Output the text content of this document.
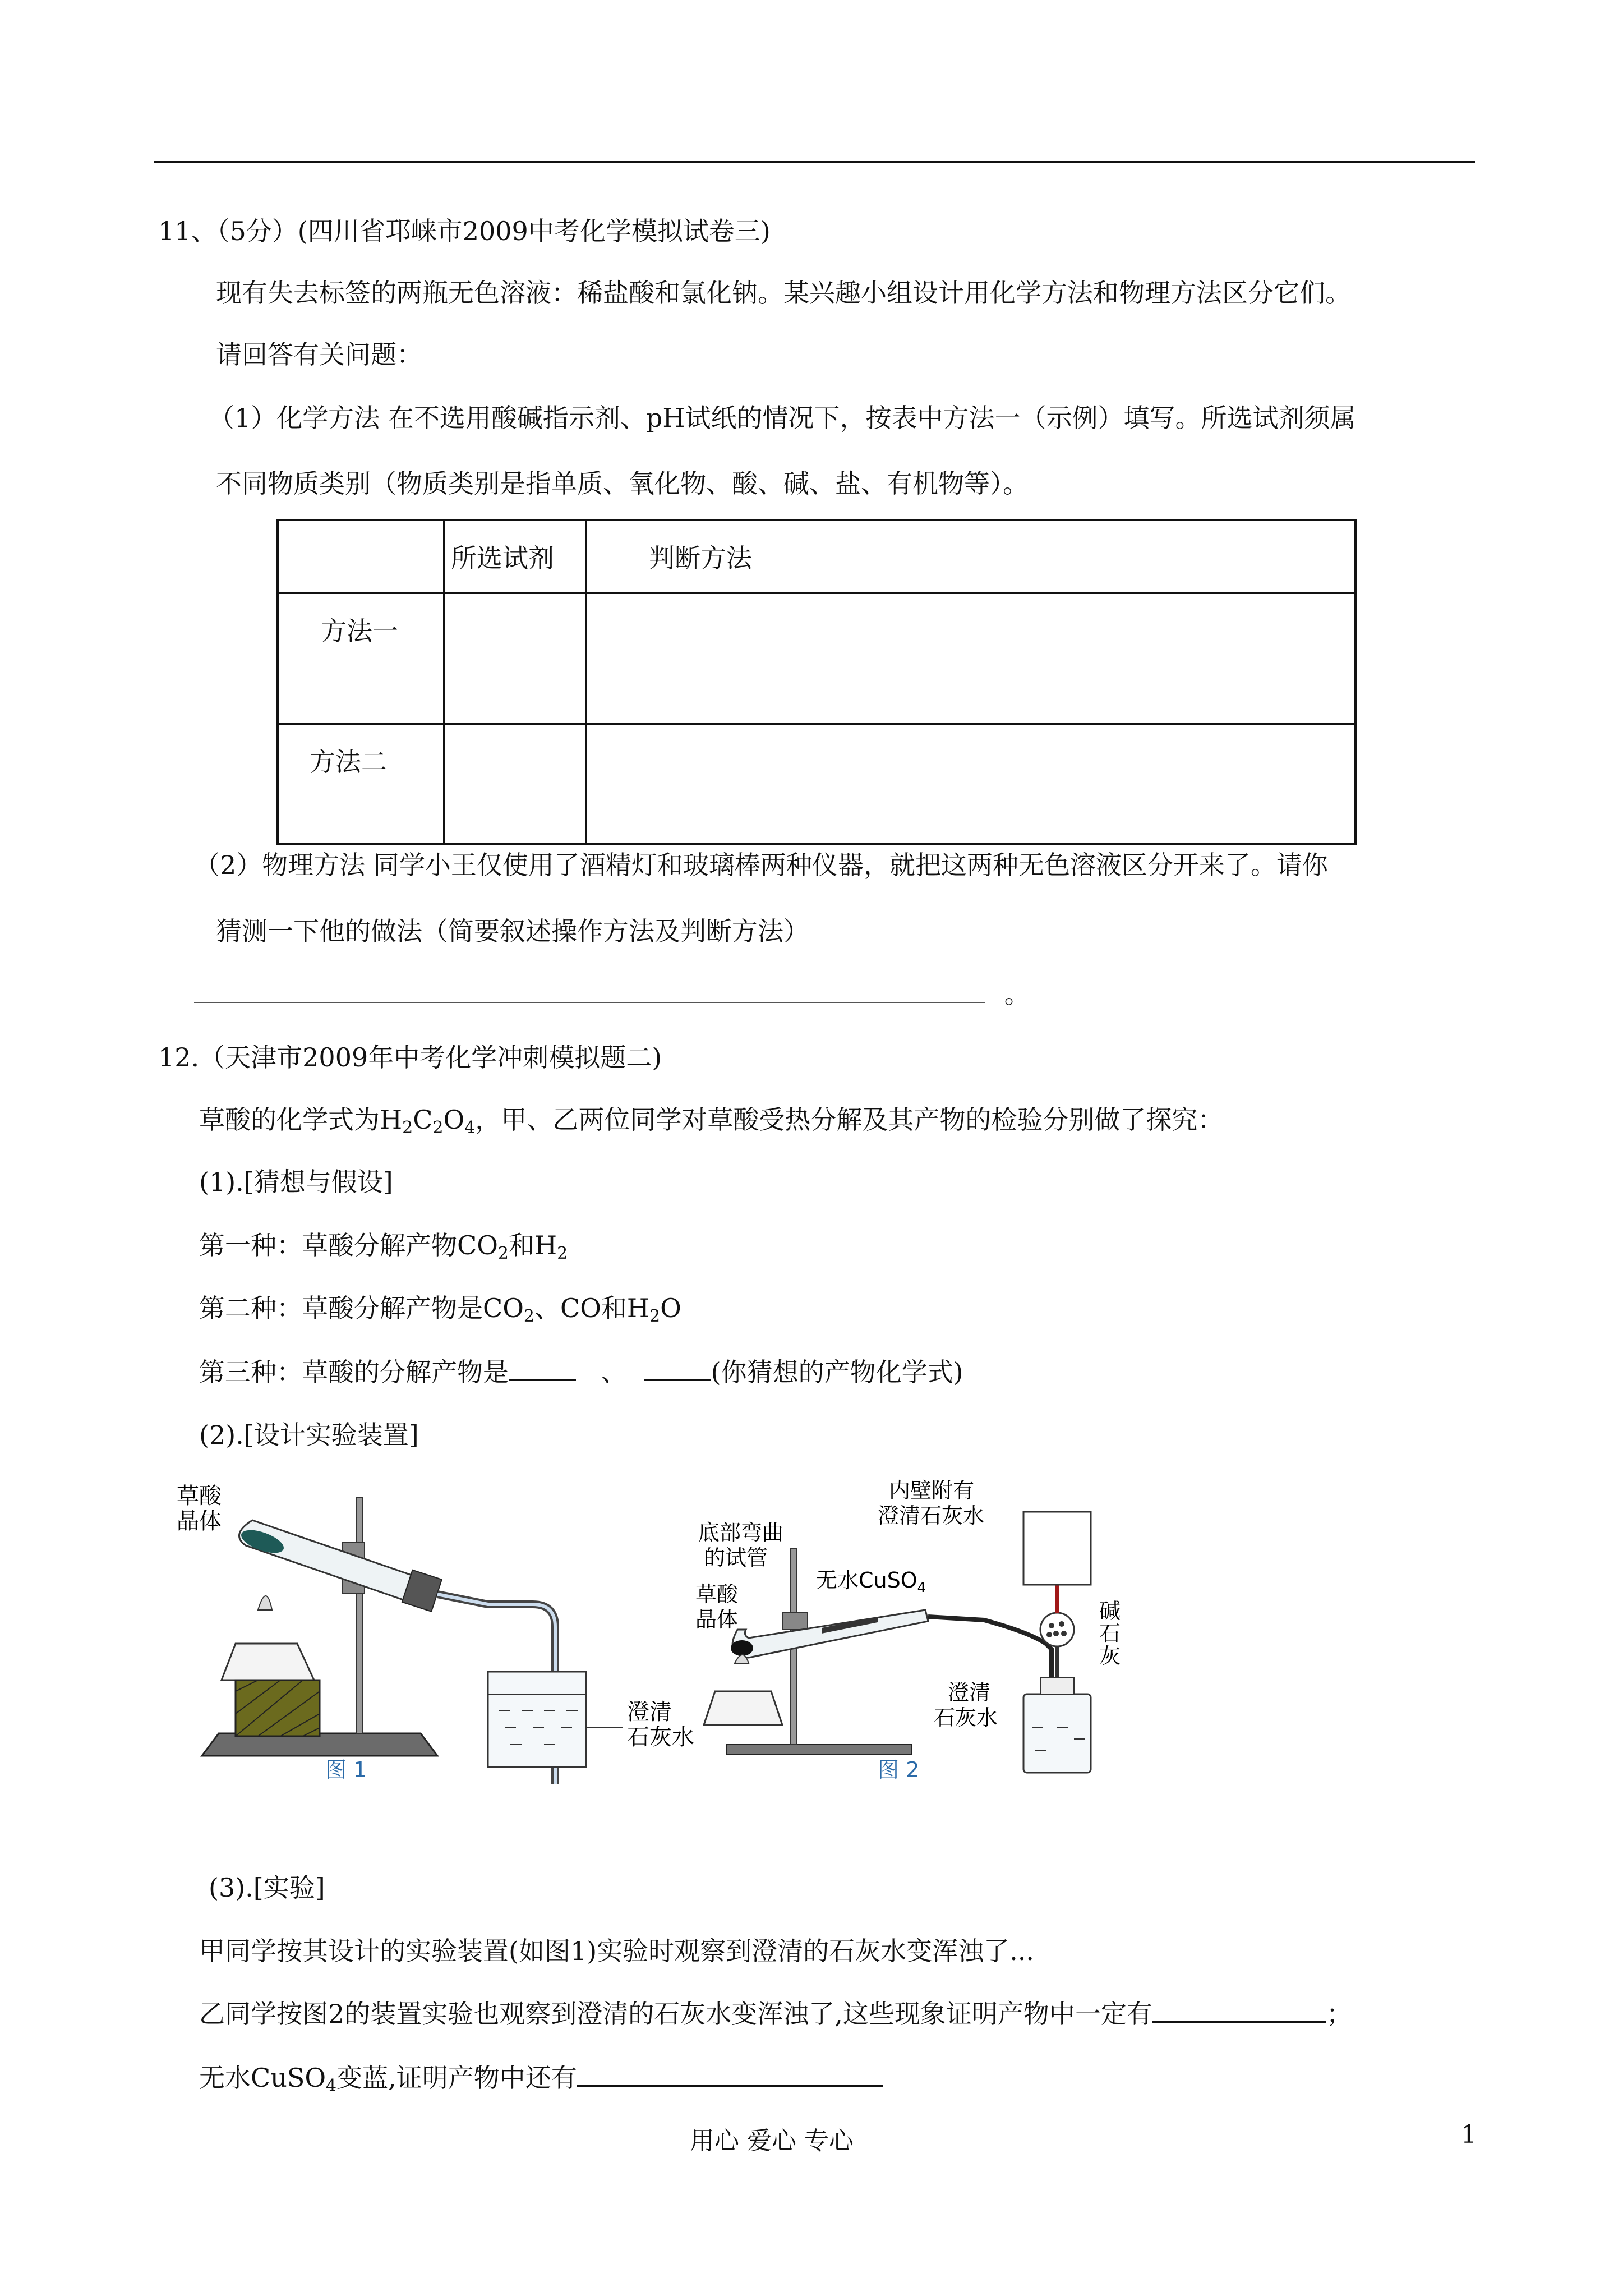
11、（5分）(四川省邛崃市2009中考化学模拟试卷三)
现有失去标签的两瓶无色溶液：稀盐酸和氯化钠。某兴趣小组设计用化学方法和物理方法区分它们。
请回答有关问题：
（1）化学方法 在不选用酸碱指示剂、pH试纸的情况下，按表中方法一（示例）填写。所选试剂须属
不同物质类别（物质类别是指单质、氧化物、酸、碱、盐、有机物等）。
	所选试剂	判断方法
方法一		
方法二		
（2）物理方法 同学小王仅使用了酒精灯和玻璃棒两种仪器，就把这两种无色溶液区分开来了。请你
猜测一下他的做法（简要叙述操作方法及判断方法）
。
12.（天津市2009年中考化学冲刺模拟题二)
草酸的化学式为$H_2C_2O_4$，甲、乙两位同学对草酸受热分解及其产物的检验分别做了探究：
(1).[猜想与假设]
第一种：草酸分解产物$CO_2$和$H_2$
第二种：草酸分解产物是$CO_2$、CO和$H_2O$
第三种：草酸的分解产物是	、	(你猜想的产物化学式)
(2).[设计实验装置]
草酸
晶体
澄清
石灰水
图 1
内壁附有
澄清石灰水
底部弯曲
的试管
无水CuSO$_4$
草酸
晶体	碱
石
灰
澄清
石灰水
图 2
(3).[实验]
甲同学按其设计的实验装置(如图1)实验时观察到澄清的石灰水变浑浊了...
乙同学按图2的装置实验也观察到澄清的石灰水变浑浊了,这些现象证明产物中一定有	；
无水CuSO$_4$变蓝,证明产物中还有
用心 爱心 专心	1
